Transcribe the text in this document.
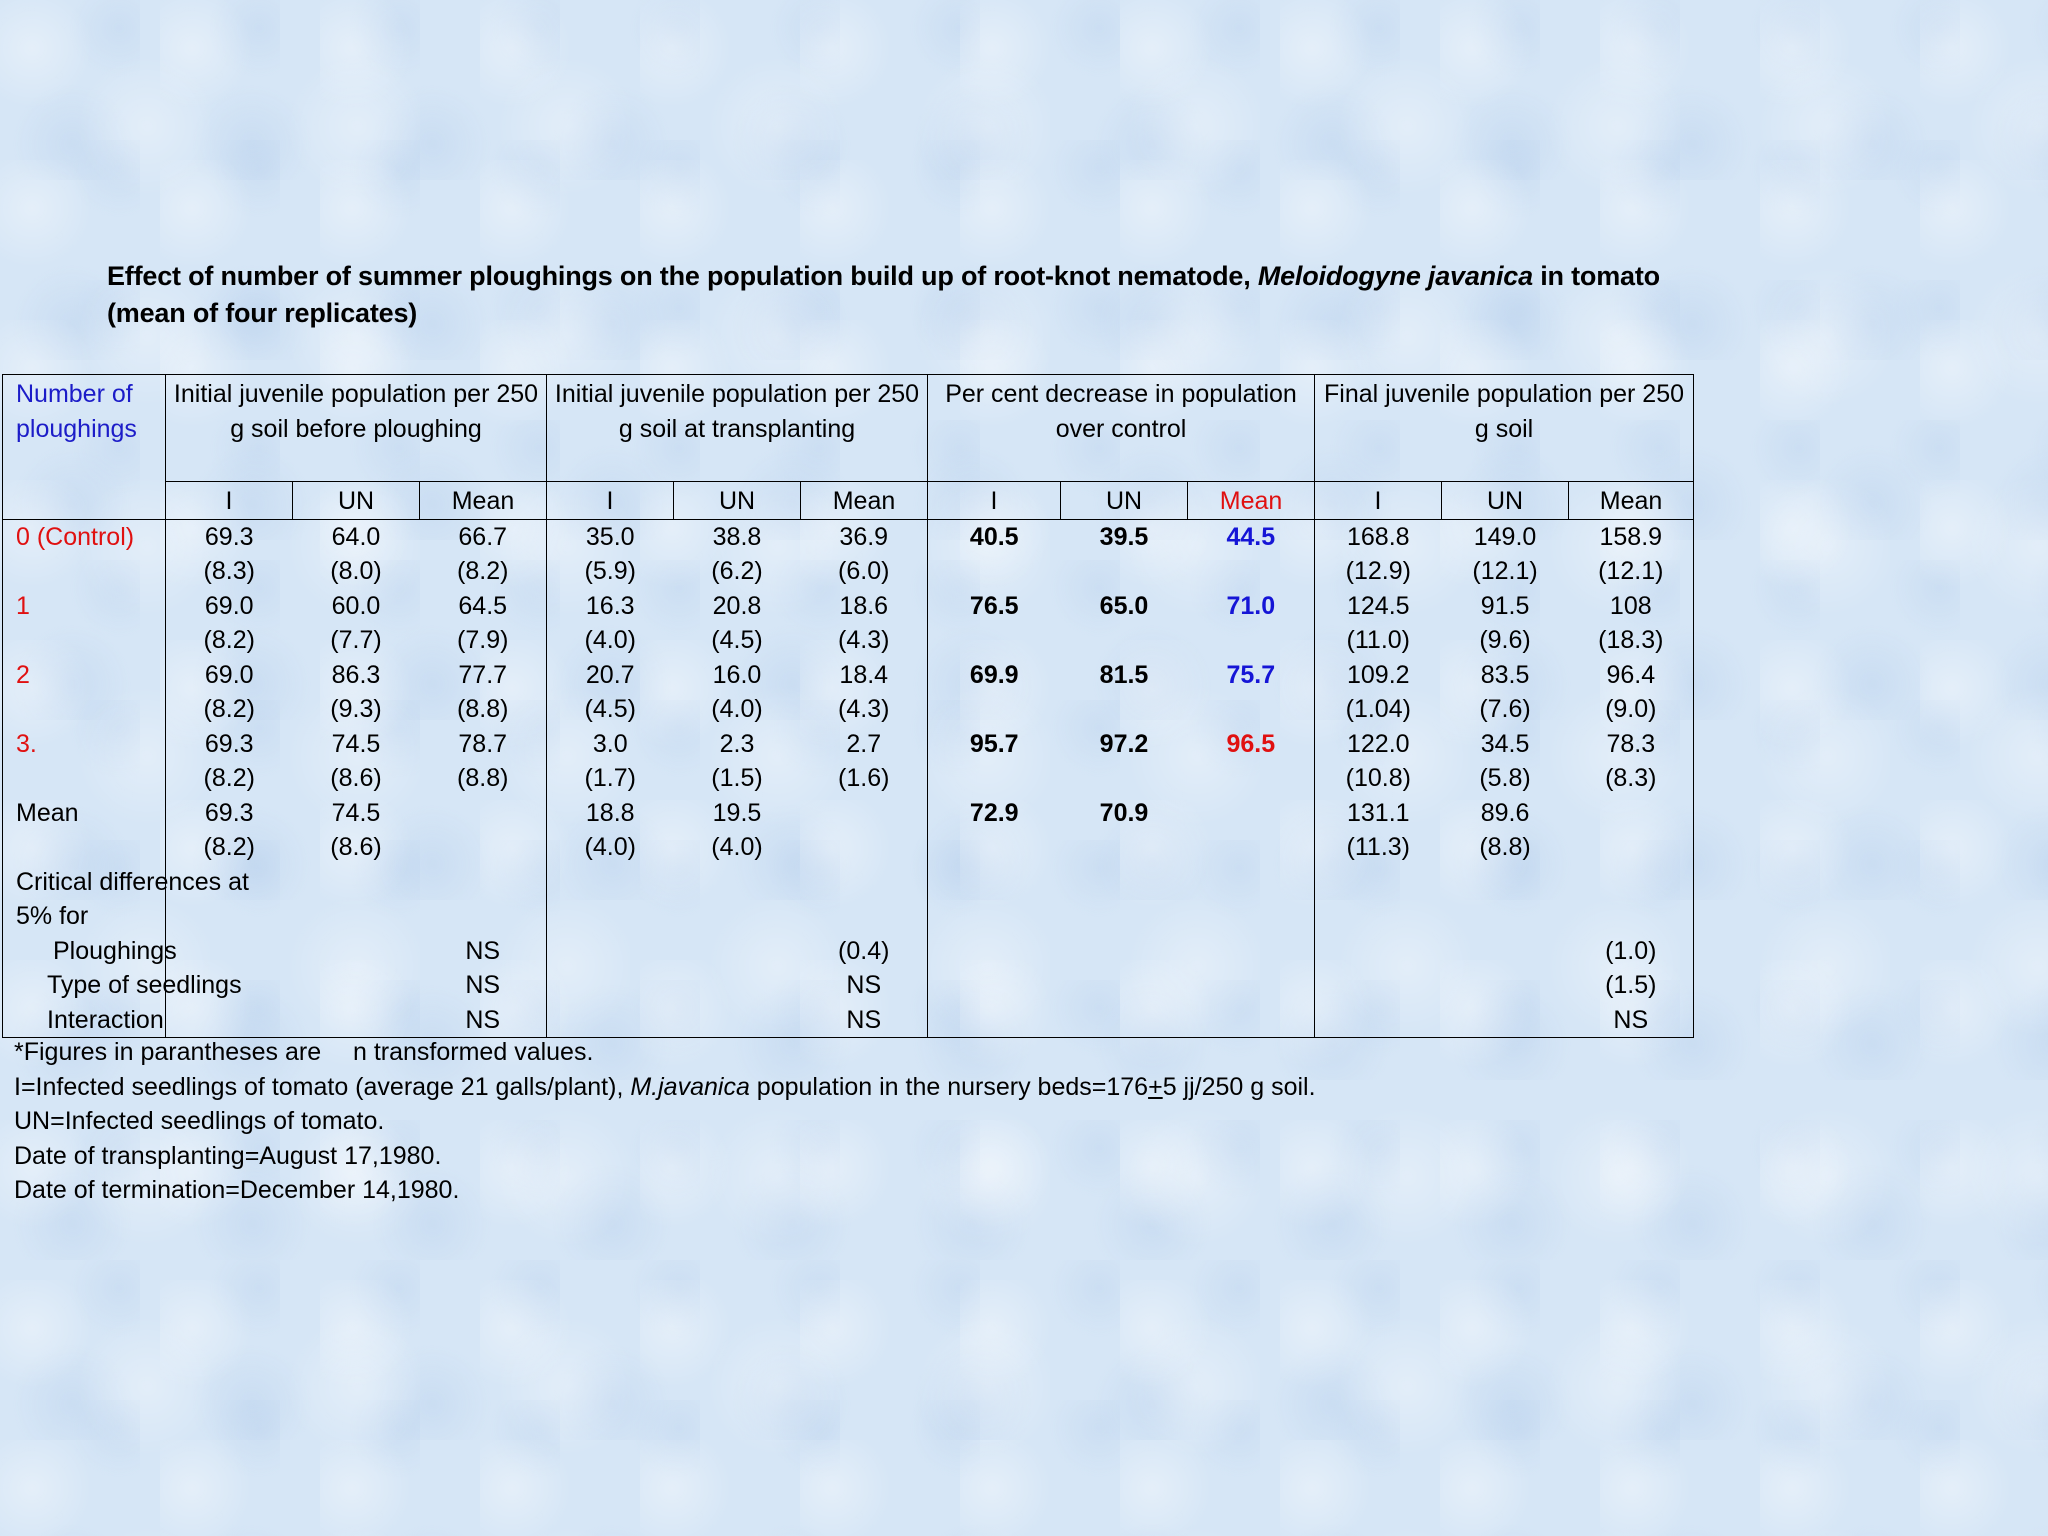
Effect of number of summer ploughings on the population build up of root-knot nematode, Meloidogyne javanica in tomato
(mean of four replicates)
Number of ploughings	Initial juvenile population per 250 g soil before ploughing			Initial juvenile population per 250 g soil at transplanting			Per cent decrease in population over control			Final juvenile population per 250 g soil		
	I	UN	Mean	I	UN	Mean	I	UN	Mean	I	UN	Mean
0 (Control)	69.3	64.0	66.7	35.0	38.8	36.9	40.5	39.5	44.5	168.8	149.0	158.9
	(8.3)	(8.0)	(8.2)	(5.9)	(6.2)	(6.0)				(12.9)	(12.1)	(12.1)
1	69.0	60.0	64.5	16.3	20.8	18.6	76.5	65.0	71.0	124.5	91.5	108
	(8.2)	(7.7)	(7.9)	(4.0)	(4.5)	(4.3)				(11.0)	(9.6)	(18.3)
2	69.0	86.3	77.7	20.7	16.0	18.4	69.9	81.5	75.7	109.2	83.5	96.4
	(8.2)	(9.3)	(8.8)	(4.5)	(4.0)	(4.3)				(1.04)	(7.6)	(9.0)
3.	69.3	74.5	78.7	3.0	2.3	2.7	95.7	97.2	96.5	122.0	34.5	78.3
	(8.2)	(8.6)	(8.8)	(1.7)	(1.5)	(1.6)				(10.8)	(5.8)	(8.3)
Mean	69.3	74.5		18.8	19.5		72.9	70.9		131.1	89.6	
	(8.2)	(8.6)		(4.0)	(4.0)					(11.3)	(8.8)	
Critical differences at												
5% for												
Ploughings			NS			(0.4)						(1.0)
Type of seedlings			NS			NS						(1.5)
Interaction			NS			NS						NS
*Figures in parantheses are  n transformed values.
I=Infected seedlings of tomato (average 21 galls/plant), M.javanica population in the nursery beds=176+5 jj/250 g soil.
UN=Infected seedlings of tomato.
Date of transplanting=August 17,1980.
Date of termination=December 14,1980.
